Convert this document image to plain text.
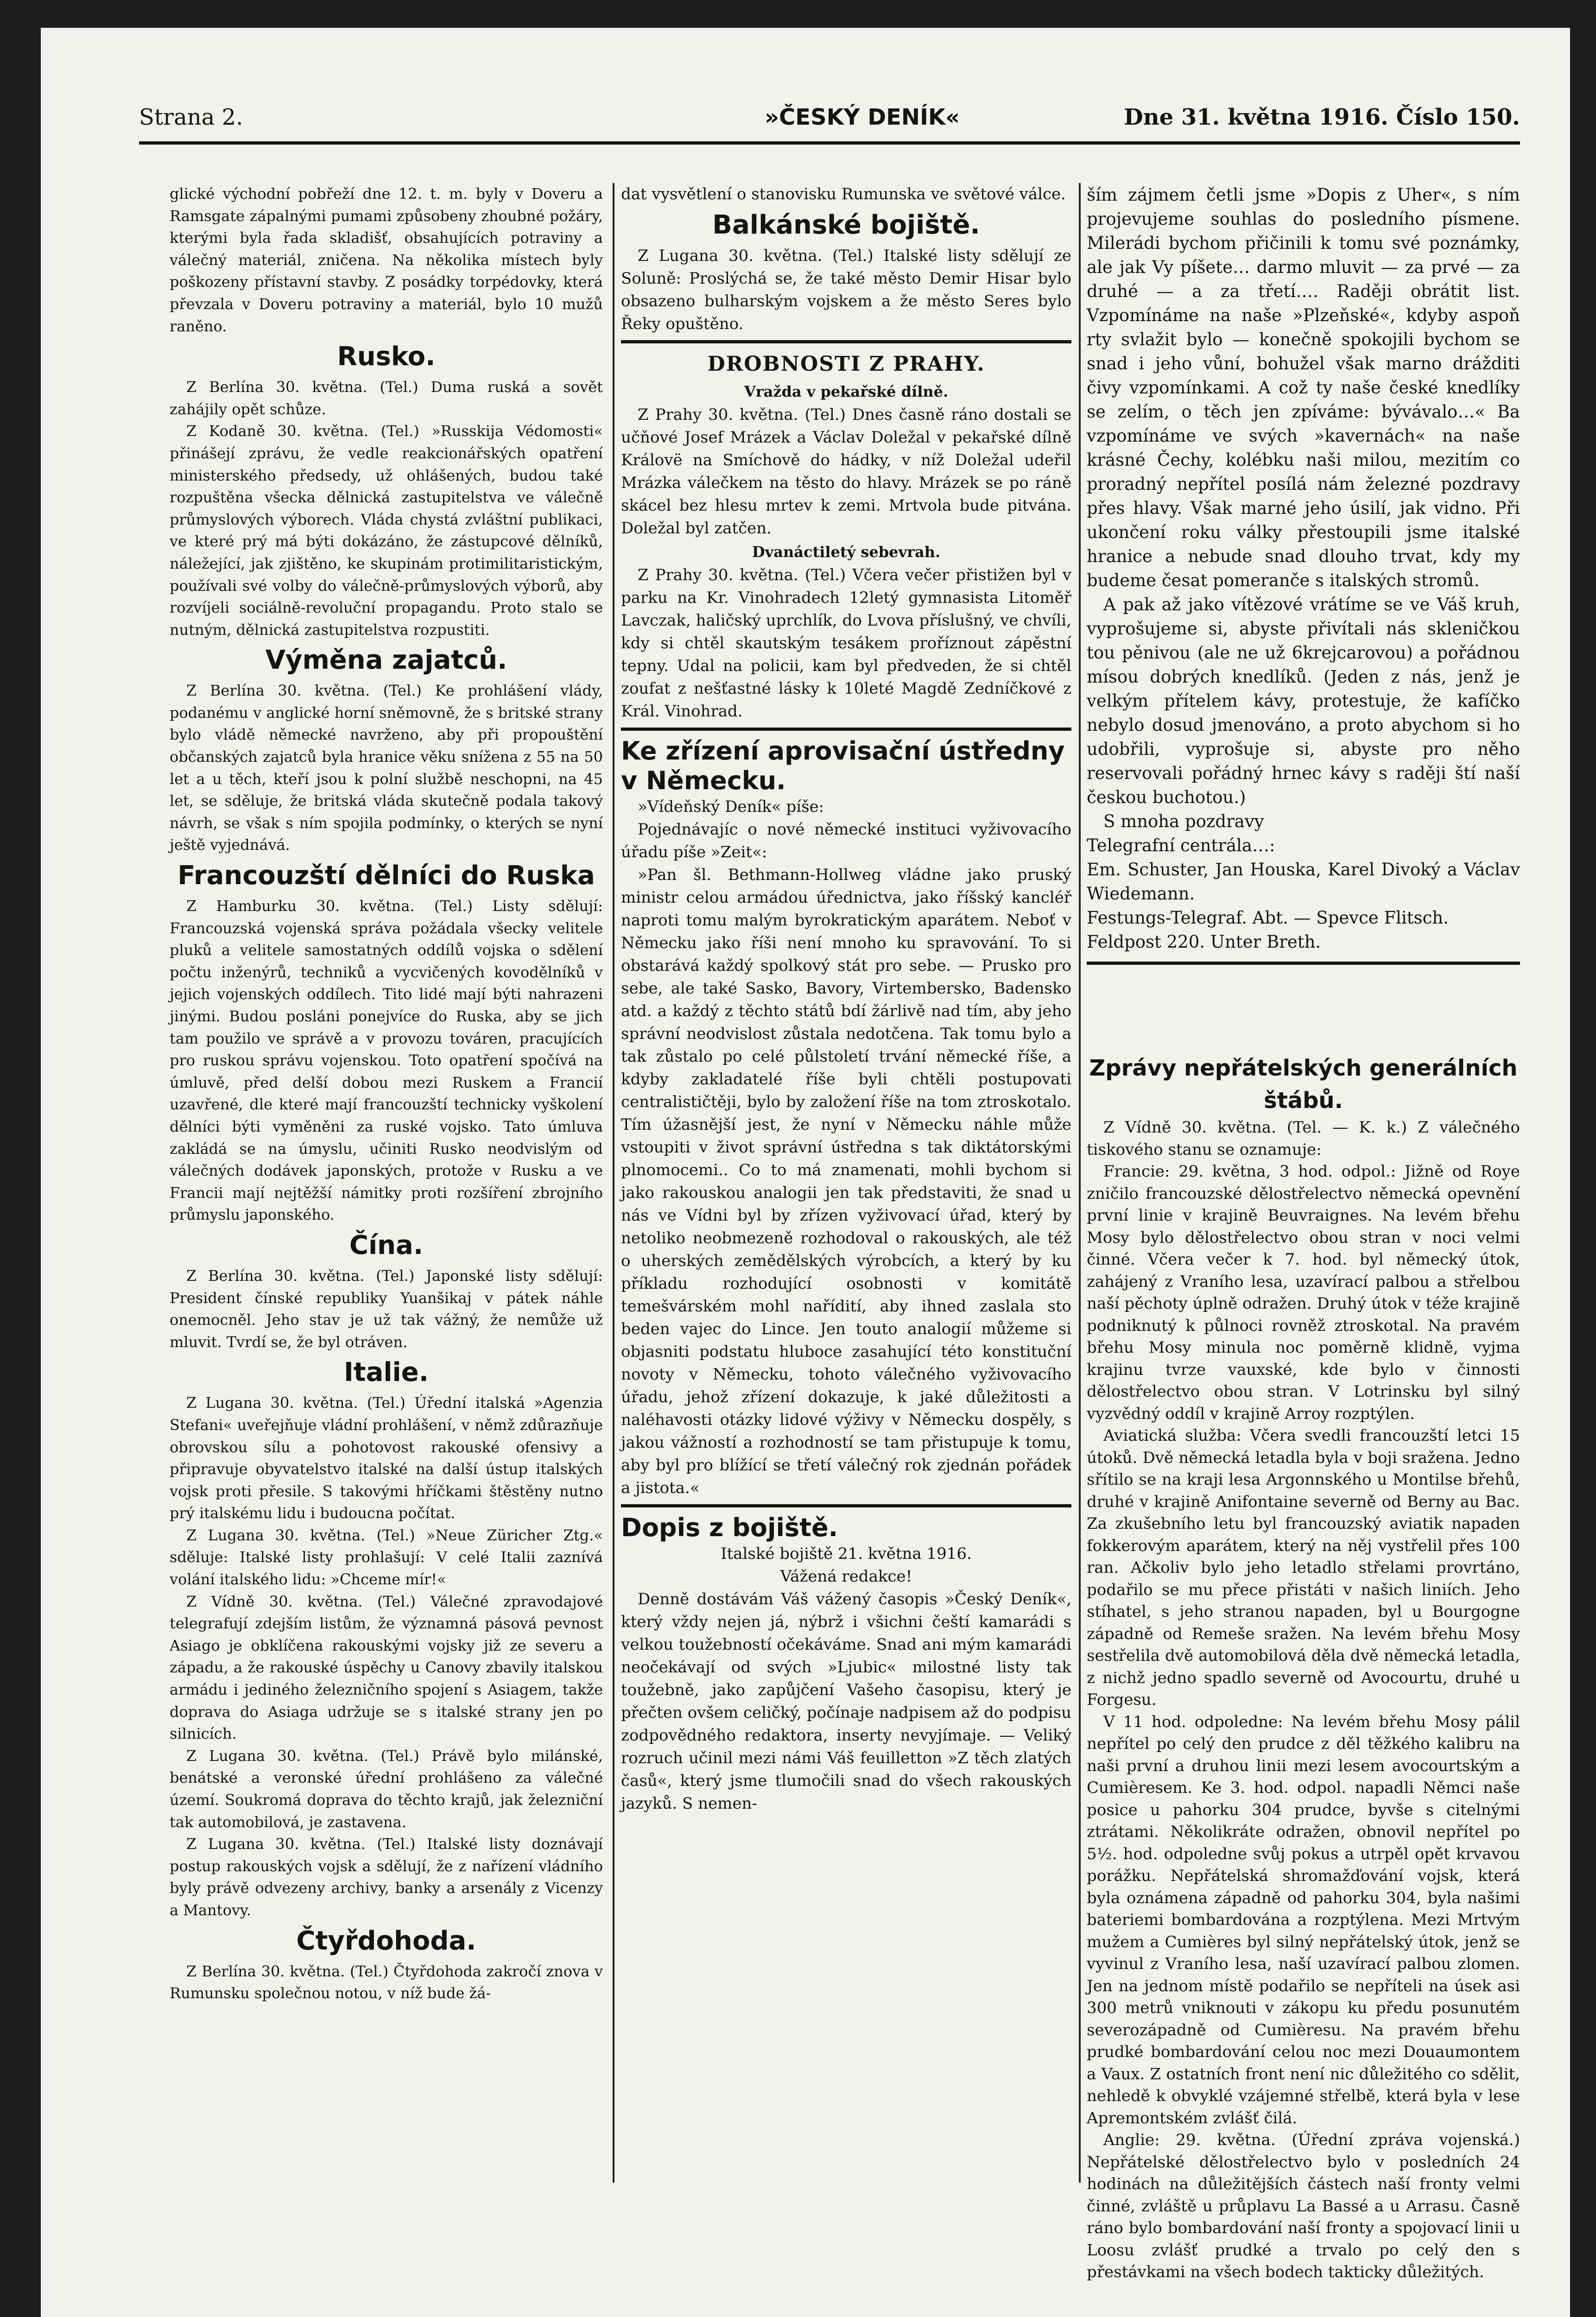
Strana 2.	»ČESKÝ DENÍK«	Dne 31. května 1916. Číslo 150.

glické východní pobřeží dne 12. t. m. byly v Doveru a Ramsgate zápalnými pumami způsobeny zhoubné požáry, kterými byla řada skladišť, obsahujících potraviny a válečný materiál, zničena. Na několika místech byly poškozeny přístavní stavby. Z posádky torpédovky, která převzala v Doveru potraviny a materiál, bylo 10 mužů raněno.

Rusko.

Z Berlína 30. května. (Tel.) Duma ruská a sovět zahájily opět schůze.

Z Kodaně 30. května. (Tel.) »Russkija Védomosti« přinášejí zprávu, že vedle reakcionářských opatření ministerského předsedy, už ohlášených, budou také rozpuštěna všecka dělnická zastupitelstva ve válečně průmyslových výborech. Vláda chystá zvláštní publikaci, ve které prý má býti dokázáno, že zástupcové dělníků, náležející, jak zjištěno, ke skupinám protimilitaristickým, používali své volby do válečně-průmyslových výborů, aby rozvíjeli sociálně-revoluční propagandu. Proto stalo se nutným, dělnická zastupitelstva rozpustiti.

Výměna zajatců.

Z Berlína 30. května. (Tel.) Ke prohlášení vlády, podanému v anglické horní sněmovně, že s britské strany bylo vládě německé navrženo, aby při propouštění občanských zajatců byla hranice věku snížena z 55 na 50 let a u těch, kteří jsou k polní službě neschopni, na 45 let, se sděluje, že britská vláda skutečně podala takový návrh, se však s ním spojila podmínky, o kterých se nyní ještě vyjednává.

Francouzští dělníci do Ruska

Z Hamburku 30. května. (Tel.) Listy sdělují: Francouzská vojenská správa požádala všecky velitele pluků a velitele samostatných oddílů vojska o sdělení počtu inženýrů, techniků a vycvičených kovodělníků v jejich vojenských oddílech. Tito lidé mají býti nahrazeni jinými. Budou posláni ponejvíce do Ruska, aby se jich tam použilo ve správě a v provozu továren, pracujících pro ruskou správu vojenskou. Toto opatření spočívá na úmluvě, před delší dobou mezi Ruskem a Francií uzavřené, dle které mají francouzští technicky vyškolení dělníci býti vyměněni za ruské vojsko. Tato úmluva zakládá se na úmyslu, učiniti Rusko neodvislým od válečných dodávek japonských, protože v Rusku a ve Francii mají nejtěžší námitky proti rozšíření zbrojního průmyslu japonského.

Čína.

Z Berlína 30. května. (Tel.) Japonské listy sdělují: President čínské republiky Yuanšikaj v pátek náhle onemocněl. Jeho stav je už tak vážný, že nemůže už mluvit. Tvrdí se, že byl otráven.

Italie.

Z Lugana 30. května. (Tel.) Úřední italská »Agenzia Stefani« uveřejňuje vládní prohlášení, v němž zdůrazňuje obrovskou sílu a pohotovost rakouské ofensivy a připravuje obyvatelstvo italské na další ústup italských vojsk proti přesile. S takovými hříčkami štěstěny nutno prý italskému lidu i budoucna počítat.

Z Lugana 30. května. (Tel.) »Neue Züricher Ztg.« sděluje: Italské listy prohlašují: V celé Italii zaznívá volání italského lidu: »Chceme mír!«

Z Vídně 30. května. (Tel.) Válečné zpravodajové telegrafují zdejším listům, že významná pásová pevnost Asiago je obklíčena rakouskými vojsky již ze severu a západu, a že rakouské úspěchy u Canovy zbavily italskou armádu i jediného železničního spojení s Asiagem, takže doprava do Asiaga udržuje se s italské strany jen po silnicích.

Z Lugana 30. května. (Tel.) Právě bylo milánské, benátské a veronské úřední prohlášeno za válečné území. Soukromá doprava do těchto krajů, jak železniční tak automobilová, je zastavena.

Z Lugana 30. května. (Tel.) Italské listy doznávají postup rakouských vojsk a sdělují, že z nařízení vládního byly právě odvezeny archivy, banky a arsenály z Vicenzy a Mantovy.

Čtyřdohoda.

Z Berlína 30. května. (Tel.) Čtyřdohoda zakročí znova v Rumunsku společnou notou, v níž bude žá-

dat vysvětlení o stanovisku Rumunska ve světové válce.

Balkánské bojiště.

Z Lugana 30. května. (Tel.) Italské listy sdělují ze Soluně: Proslýchá se, že také město Demir Hisar bylo obsazeno bulharským vojskem a že město Seres bylo Řeky opuštěno.

DROBNOSTI Z PRAHY.
Vražda v pekařské dílně.

Z Prahy 30. května. (Tel.) Dnes časně ráno dostali se učňové Josef Mrázek a Václav Doležal v pekařské dílně Královë na Smíchově do hádky, v níž Doležal udeřil Mrázka válečkem na těsto do hlavy. Mrázek se po ráně skácel bez hlesu mrtev k zemi. Mrtvola bude pitvána. Doležal byl zatčen.

Dvanáctiletý sebevrah.

Z Prahy 30. května. (Tel.) Včera večer přistižen byl v parku na Kr. Vinohradech 12letý gymnasista Litoměř Lavczak, haličský uprchlík, do Lvova příslušný, ve chvíli, kdy si chtěl skautským tesákem proříznout zápěstní tepny. Udal na policii, kam byl předveden, že si chtěl zoufat z nešťastné lásky k 10leté Magdě Zedníčkové z Král. Vinohrad.

Ke zřízení aprovisační ústředny v Německu.

»Vídeňský Deník« píše:

Pojednávajíc o nové německé instituci vyživovacího úřadu píše »Zeit«:

»Pan šl. Bethmann-Hollweg vládne jako pruský ministr celou armádou úřednictva, jako říšský kancléř naproti tomu malým byrokratickým aparátem. Neboť v Německu jako říši není mnoho ku spravování. To si obstarává každý spolkový stát pro sebe. — Prusko pro sebe, ale také Sasko, Bavory, Virtembersko, Badensko atd. a každý z těchto států bdí žárlivě nad tím, aby jeho správní neodvislost zůstala nedotčena. Tak tomu bylo a tak zůstalo po celé půlstoletí trvání německé říše, a kdyby zakladatelé říše byli chtěli postupovati centralističtěji, bylo by založení říše na tom ztroskotalo. Tím úžasnější jest, že nyní v Německu náhle může vstoupiti v život správní ústředna s tak diktátorskými plnomocemi.. Co to má znamenati, mohli bychom si jako rakouskou analogii jen tak představiti, že snad u nás ve Vídni byl by zřízen vyživovací úřad, který by netoliko neobmezeně rozhodoval o rakouských, ale též o uherských zemědělských výrobcích, a který by ku příkladu rozhodující osobnosti v komitátě temešvárském mohl nařídití, aby ihned zaslala sto beden vajec do Lince. Jen touto analogií můžeme si objasniti podstatu hluboce zasahující této konstituční novoty v Německu, tohoto válečného vyživovacího úřadu, jehož zřízení dokazuje, k jaké důležitosti a naléhavosti otázky lidové výživy v Německu dospěly, s jakou vážností a rozhodností se tam přistupuje k tomu, aby byl pro blížící se třetí válečný rok zjednán pořádek a jistota.«

Dopis z bojiště.

Italské bojiště 21. května 1916.

Vážená redakce!

Denně dostávám Váš vážený časopis »Český Deník«, který vždy nejen já, nýbrž i všichni čeští kamarádi s velkou toužebností očekáváme. Snad ani mým kamarádi neočekávají od svých »Ljubic« milostné listy tak toužebně, jako zapůjčení Vašeho časopisu, který je přečten ovšem celičký, počínaje nadpisem až do podpisu zodpovědného redaktora, inserty nevyjímaje. — Veliký rozruch učinil mezi námi Váš feuilletton »Z těch zlatých časů«, který jsme tlumočili snad do všech rakouských jazyků. S nemen-

ším zájmem četli jsme »Dopis z Uher«, s ním projevujeme souhlas do posledního písmene. Milerádi bychom přičinili k tomu své poznámky, ale jak Vy píšete… darmo mluvit — za prvé — za druhé — a za třetí…. Raději obrátit list. Vzpomínáme na naše »Plzeňské«, kdyby aspoň rty svlažit bylo — konečně spokojili bychom se snad i jeho vůní, bohužel však marno drážditi čivy vzpomínkami. A což ty naše české knedlíky se zelím, o těch jen zpíváme: bývávalo…« Ba vzpomínáme ve svých »kavernách« na naše krásné Čechy, kolébku naši milou, mezitím co proradný nepřítel posílá nám železné pozdravy přes hlavy. Však marné jeho úsilí, jak vidno. Při ukončení roku války přestoupili jsme italské hranice a nebude snad dlouho trvat, kdy my budeme česat pomeranče s italských stromů.

A pak až jako vítězové vrátíme se ve Váš kruh, vyprošujeme si, abyste přivítali nás skleničkou tou pěnivou (ale ne už 6krejcarovou) a pořádnou mísou dobrých knedlíků. (Jeden z nás, jenž je velkým přítelem kávy, protestuje, že kafíčko nebylo dosud jmenováno, a proto abychom si ho udobřili, vyprošuje si, abyste pro něho reservovali pořádný hrnec kávy s raději ští naší českou buchotou.)

S mnoha pozdravy

Telegrafní centrála…:

Em. Schuster, Jan Houska, Karel Divoký a Václav Wiedemann.

Festungs-Telegraf. Abt. — Spevce Flitsch.

Feldpost 220. Unter Breth.

Zprávy nepřátelských generálních štábů.

Z Vídně 30. května. (Tel. — K. k.) Z válečného tiskového stanu se oznamuje:

Francie: 29. května, 3 hod. odpol.: Jižně od Roye zničilo francouzské dělostřelectvo německá opevnění první linie v krajině Beuvraignes. Na levém břehu Mosy bylo dělostřelectvo obou stran v noci velmi činné. Včera večer k 7. hod. byl německý útok, zahájený z Vraního lesa, uzavírací palbou a střelbou naší pěchoty úplně odražen. Druhý útok v téže krajině podniknutý k půlnoci rovněž ztroskotal. Na pravém břehu Mosy minula noc poměrně klidně, vyjma krajinu tvrze vauxské, kde bylo v činnosti dělostřelectvo obou stran. V Lotrinsku byl silný vyzvědný oddíl v krajině Arroy rozptýlen.

Aviatická služba: Včera svedli francouzští letci 15 útoků. Dvě německá letadla byla v boji sražena. Jedno sřítilo se na kraji lesa Argonnského u Montilse břehů, druhé v krajině Anifontaine severně od Berny au Bac. Za zkušebního letu byl francouzský aviatik napaden fokkerovým aparátem, který na něj vystřelil přes 100 ran. Ačkoliv bylo jeho letadlo střelami provrtáno, podařilo se mu přece přistáti v našich liniích. Jeho stíhatel, s jeho stranou napaden, byl u Bourgogne západně od Remeše sražen. Na levém břehu Mosy sestřelila dvě automobilová děla dvě německá letadla, z nichž jedno spadlo severně od Avocourtu, druhé u Forgesu.

V 11 hod. odpoledne: Na levém břehu Mosy pálil nepřítel po celý den prudce z děl těžkého kalibru na naši první a druhou linii mezi lesem avocourtským a Cumièresem. Ke 3. hod. odpol. napadli Němci naše posice u pahorku 304 prudce, byvše s citelnými ztrátami. Několikráte odražen, obnovil nepřítel po 5½. hod. odpoledne svůj pokus a utrpěl opět krvavou porážku. Nepřátelská shromažďování vojsk, která byla oznámena západně od pahorku 304, byla našimi bateriemi bombardována a rozptýlena. Mezi Mrtvým mužem a Cumières byl silný nepřátelský útok, jenž se vyvinul z Vraního lesa, naší uzavírací palbou zlomen. Jen na jednom místě podařilo se nepříteli na úsek asi 300 metrů vniknouti v zákopu ku předu posunutém severozápadně od Cumièresu. Na pravém břehu prudké bombardování celou noc mezi Douaumontem a Vaux. Z ostatních front není nic důležitého co sdělit, nehledě k obvyklé vzájemné střelbě, která byla v lese Apremontském zvlášť čilá.

Anglie: 29. května. (Úřední zpráva vojenská.) Nepřátelské dělostřelectvo bylo v posledních 24 hodinách na důležitějších částech naší fronty velmi činné, zvláště u průplavu La Bassé a u Arrasu. Časně ráno bylo bombardování naší fronty a spojovací linii u Loosu zvlášť prudké a trvalo po celý den s přestávkami na všech bodech takticky důležitých.
